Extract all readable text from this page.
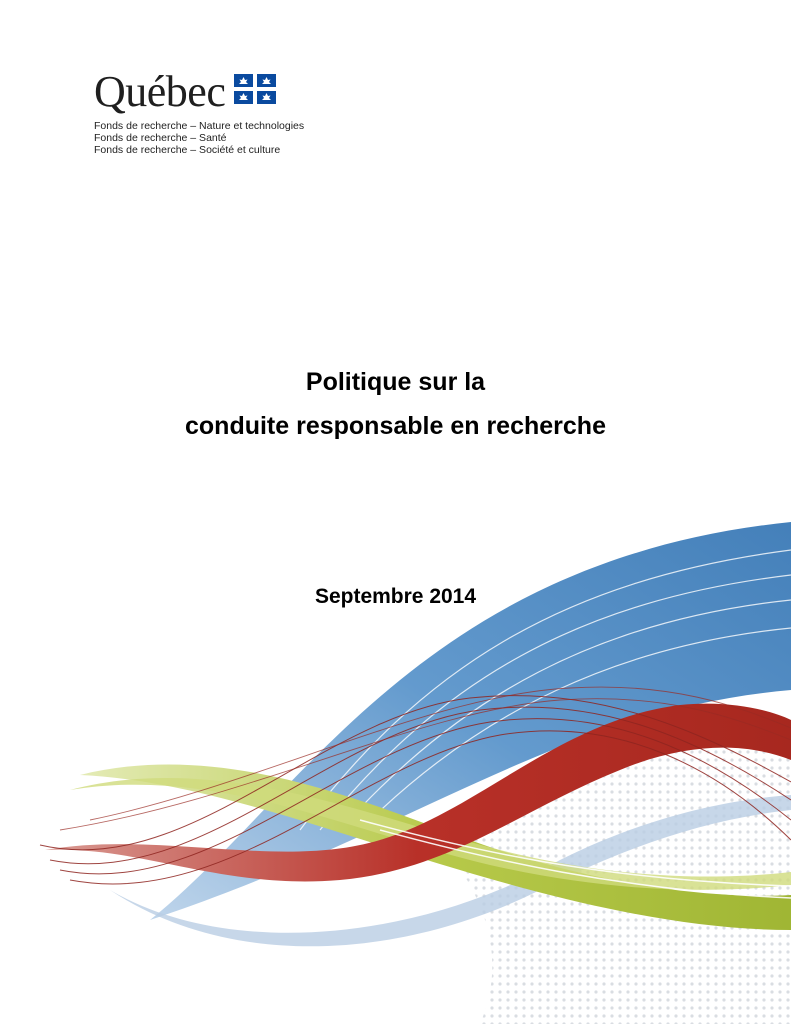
Québec
Fonds de recherche – Nature et technologies
Fonds de recherche – Santé
Fonds de recherche – Société et culture
Politique sur la
conduite responsable en recherche
Septembre 2014
